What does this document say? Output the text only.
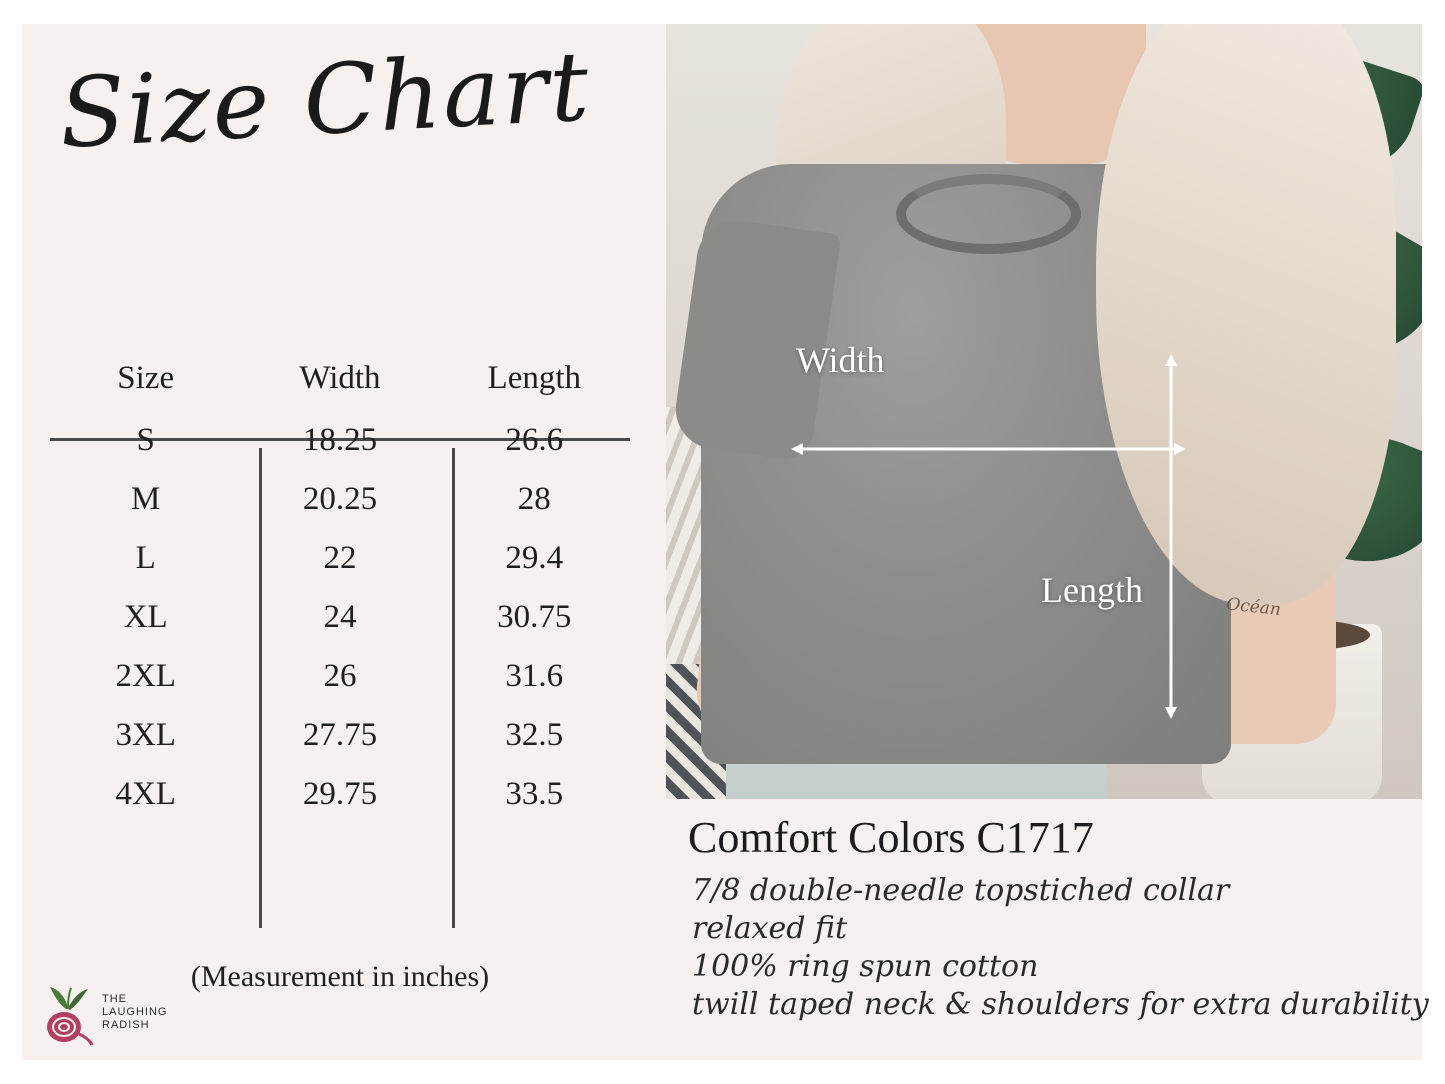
Size Chart
Size	Width	Length
S	18.25	26.6
M	20.25	28
L	22	29.4
XL	24	30.75
2XL	26	31.6
3XL	27.75	32.5
4XL	29.75	33.5
(Measurement in inches)
THE
LAUGHING
RADISH
Océan
Width
Length
Comfort Colors C1717
7/8 double-needle topstiched collar
relaxed fit
100% ring spun cotton
twill taped neck & shoulders for extra durability
